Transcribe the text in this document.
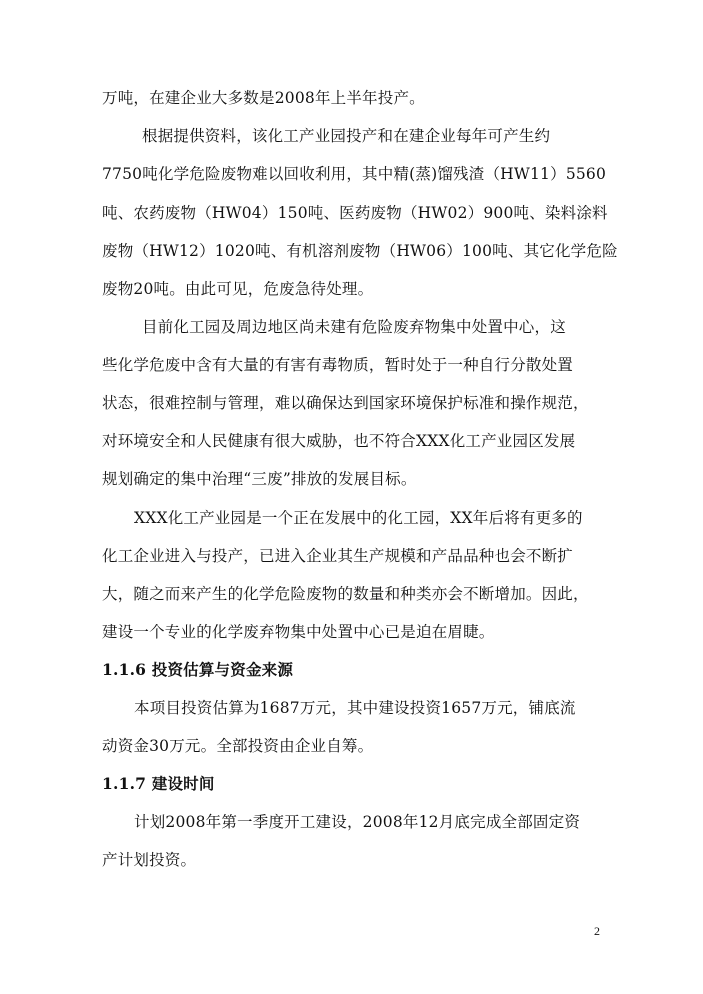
万吨，在建企业大多数是2008年上半年投产。
根据提供资料，该化工产业园投产和在建企业每年可产生约
7750吨化学危险废物难以回收利用，其中精(蒸)馏残渣（HW11）5560
吨、农药废物（HW04）150吨、医药废物（HW02）900吨、染料涂料
废物（HW12）1020吨、有机溶剂废物（HW06）100吨、其它化学危险
废物20吨。由此可见，危废急待处理。
目前化工园及周边地区尚未建有危险废弃物集中处置中心，这
些化学危废中含有大量的有害有毒物质，暂时处于一种自行分散处置
状态，很难控制与管理，难以确保达到国家环境保护标准和操作规范，
对环境安全和人民健康有很大威胁，也不符合XXX化工产业园区发展
规划确定的集中治理“三废”排放的发展目标。
XXX化工产业园是一个正在发展中的化工园，XX年后将有更多的
化工企业进入与投产，已进入企业其生产规模和产品品种也会不断扩
大，随之而来产生的化学危险废物的数量和种类亦会不断增加。因此，
建设一个专业的化学废弃物集中处置中心已是迫在眉睫。
1.1.6 投资估算与资金来源
本项目投资估算为1687万元，其中建设投资1657万元，铺底流
动资金30万元。全部投资由企业自筹。
1.1.7 建设时间
计划2008年第一季度开工建设，2008年12月底完成全部固定资
产计划投资。
2
